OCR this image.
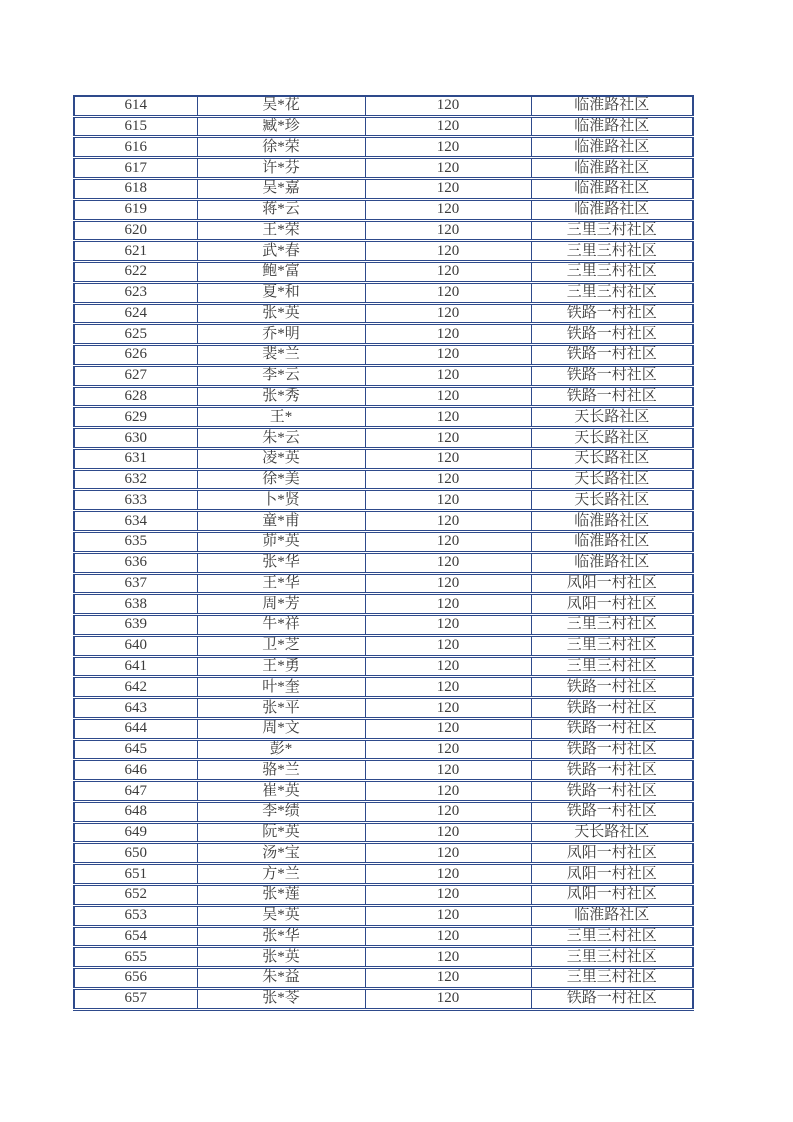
614	吴*花	120	临淮路社区
615	臧*珍	120	临淮路社区
616	徐*荣	120	临淮路社区
617	许*芬	120	临淮路社区
618	吴*嘉	120	临淮路社区
619	蒋*云	120	临淮路社区
620	王*荣	120	三里三村社区
621	武*春	120	三里三村社区
622	鲍*富	120	三里三村社区
623	夏*和	120	三里三村社区
624	张*英	120	铁路一村社区
625	乔*明	120	铁路一村社区
626	裴*兰	120	铁路一村社区
627	李*云	120	铁路一村社区
628	张*秀	120	铁路一村社区
629	王*	120	天长路社区
630	朱*云	120	天长路社区
631	凌*英	120	天长路社区
632	徐*美	120	天长路社区
633	卜*贤	120	天长路社区
634	童*甫	120	临淮路社区
635	茆*英	120	临淮路社区
636	张*华	120	临淮路社区
637	王*华	120	凤阳一村社区
638	周*芳	120	凤阳一村社区
639	牛*祥	120	三里三村社区
640	卫*芝	120	三里三村社区
641	王*勇	120	三里三村社区
642	叶*奎	120	铁路一村社区
643	张*平	120	铁路一村社区
644	周*文	120	铁路一村社区
645	彭*	120	铁路一村社区
646	骆*兰	120	铁路一村社区
647	崔*英	120	铁路一村社区
648	李*绩	120	铁路一村社区
649	阮*英	120	天长路社区
650	汤*宝	120	凤阳一村社区
651	方*兰	120	凤阳一村社区
652	张*莲	120	凤阳一村社区
653	吴*英	120	临淮路社区
654	张*华	120	三里三村社区
655	张*英	120	三里三村社区
656	朱*益	120	三里三村社区
657	张*苓	120	铁路一村社区
